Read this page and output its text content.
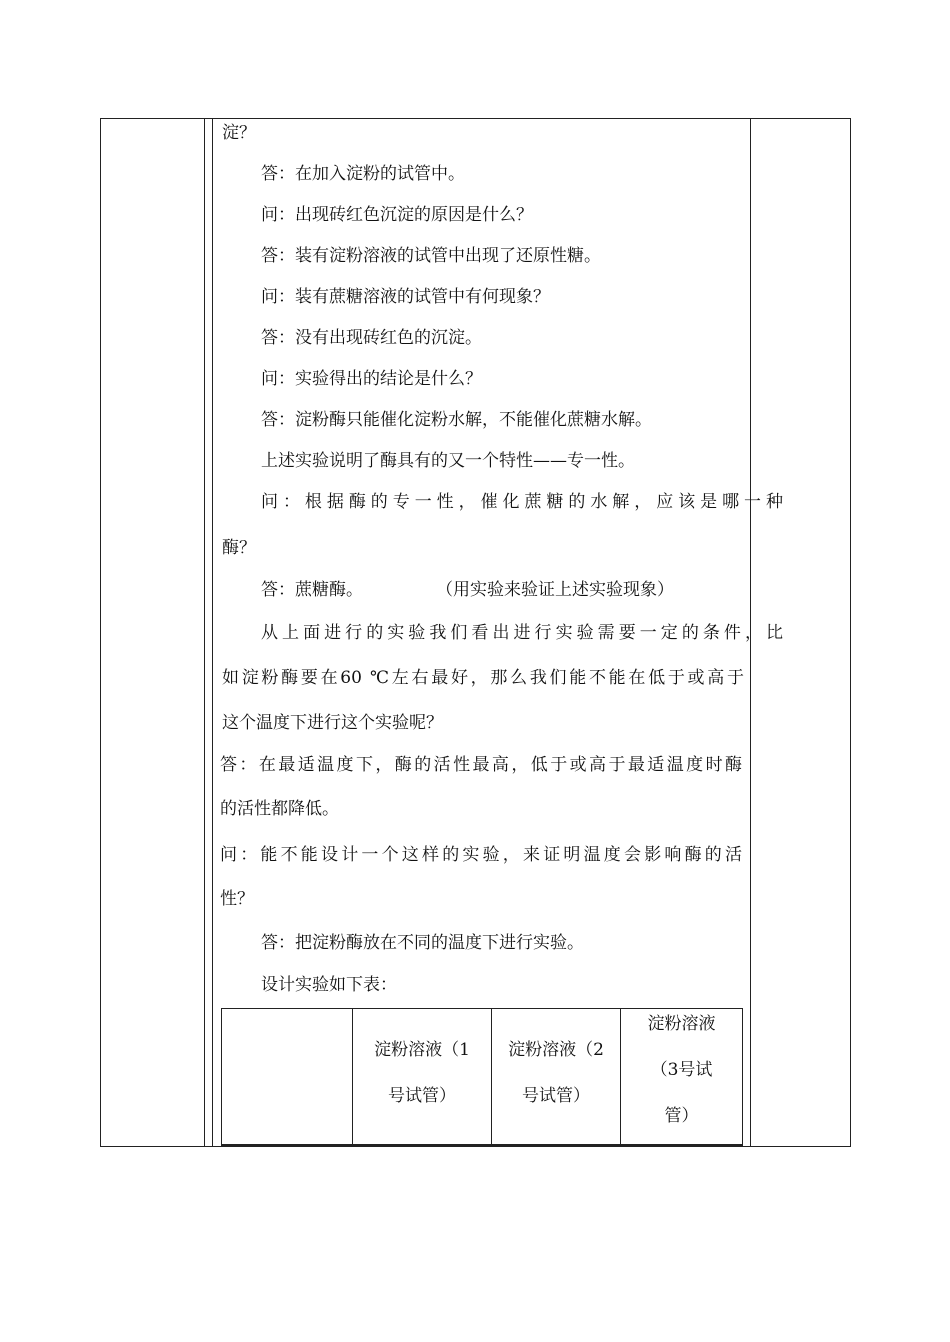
淀？
答：在加入淀粉的试管中。
问：出现砖红色沉淀的原因是什么？
答：装有淀粉溶液的试管中出现了还原性糖。
问：装有蔗糖溶液的试管中有何现象？
答：没有出现砖红色的沉淀。
问：实验得出的结论是什么？
答：淀粉酶只能催化淀粉水解，不能催化蔗糖水解。
上述实验说明了酶具有的又一个特性——专一性。
问：根据酶的专一性，催化蔗糖的水解，应该是哪一种
酶？
答：蔗糖酶。	（用实验来验证上述实验现象）
从上面进行的实验我们看出进行实验需要一定的条件，比
如淀粉酶要在60 ℃左右最好，那么我们能不能在低于或高于
这个温度下进行这个实验呢？
答：在最适温度下，酶的活性最高，低于或高于最适温度时酶
的活性都降低。
问：能不能设计一个这样的实验，来证明温度会影响酶的活
性？
答：把淀粉酶放在不同的温度下进行实验。
设计实验如下表：
淀粉溶液（1
号试管）
淀粉溶液（2
号试管）
淀粉溶液
（3号试
管）
